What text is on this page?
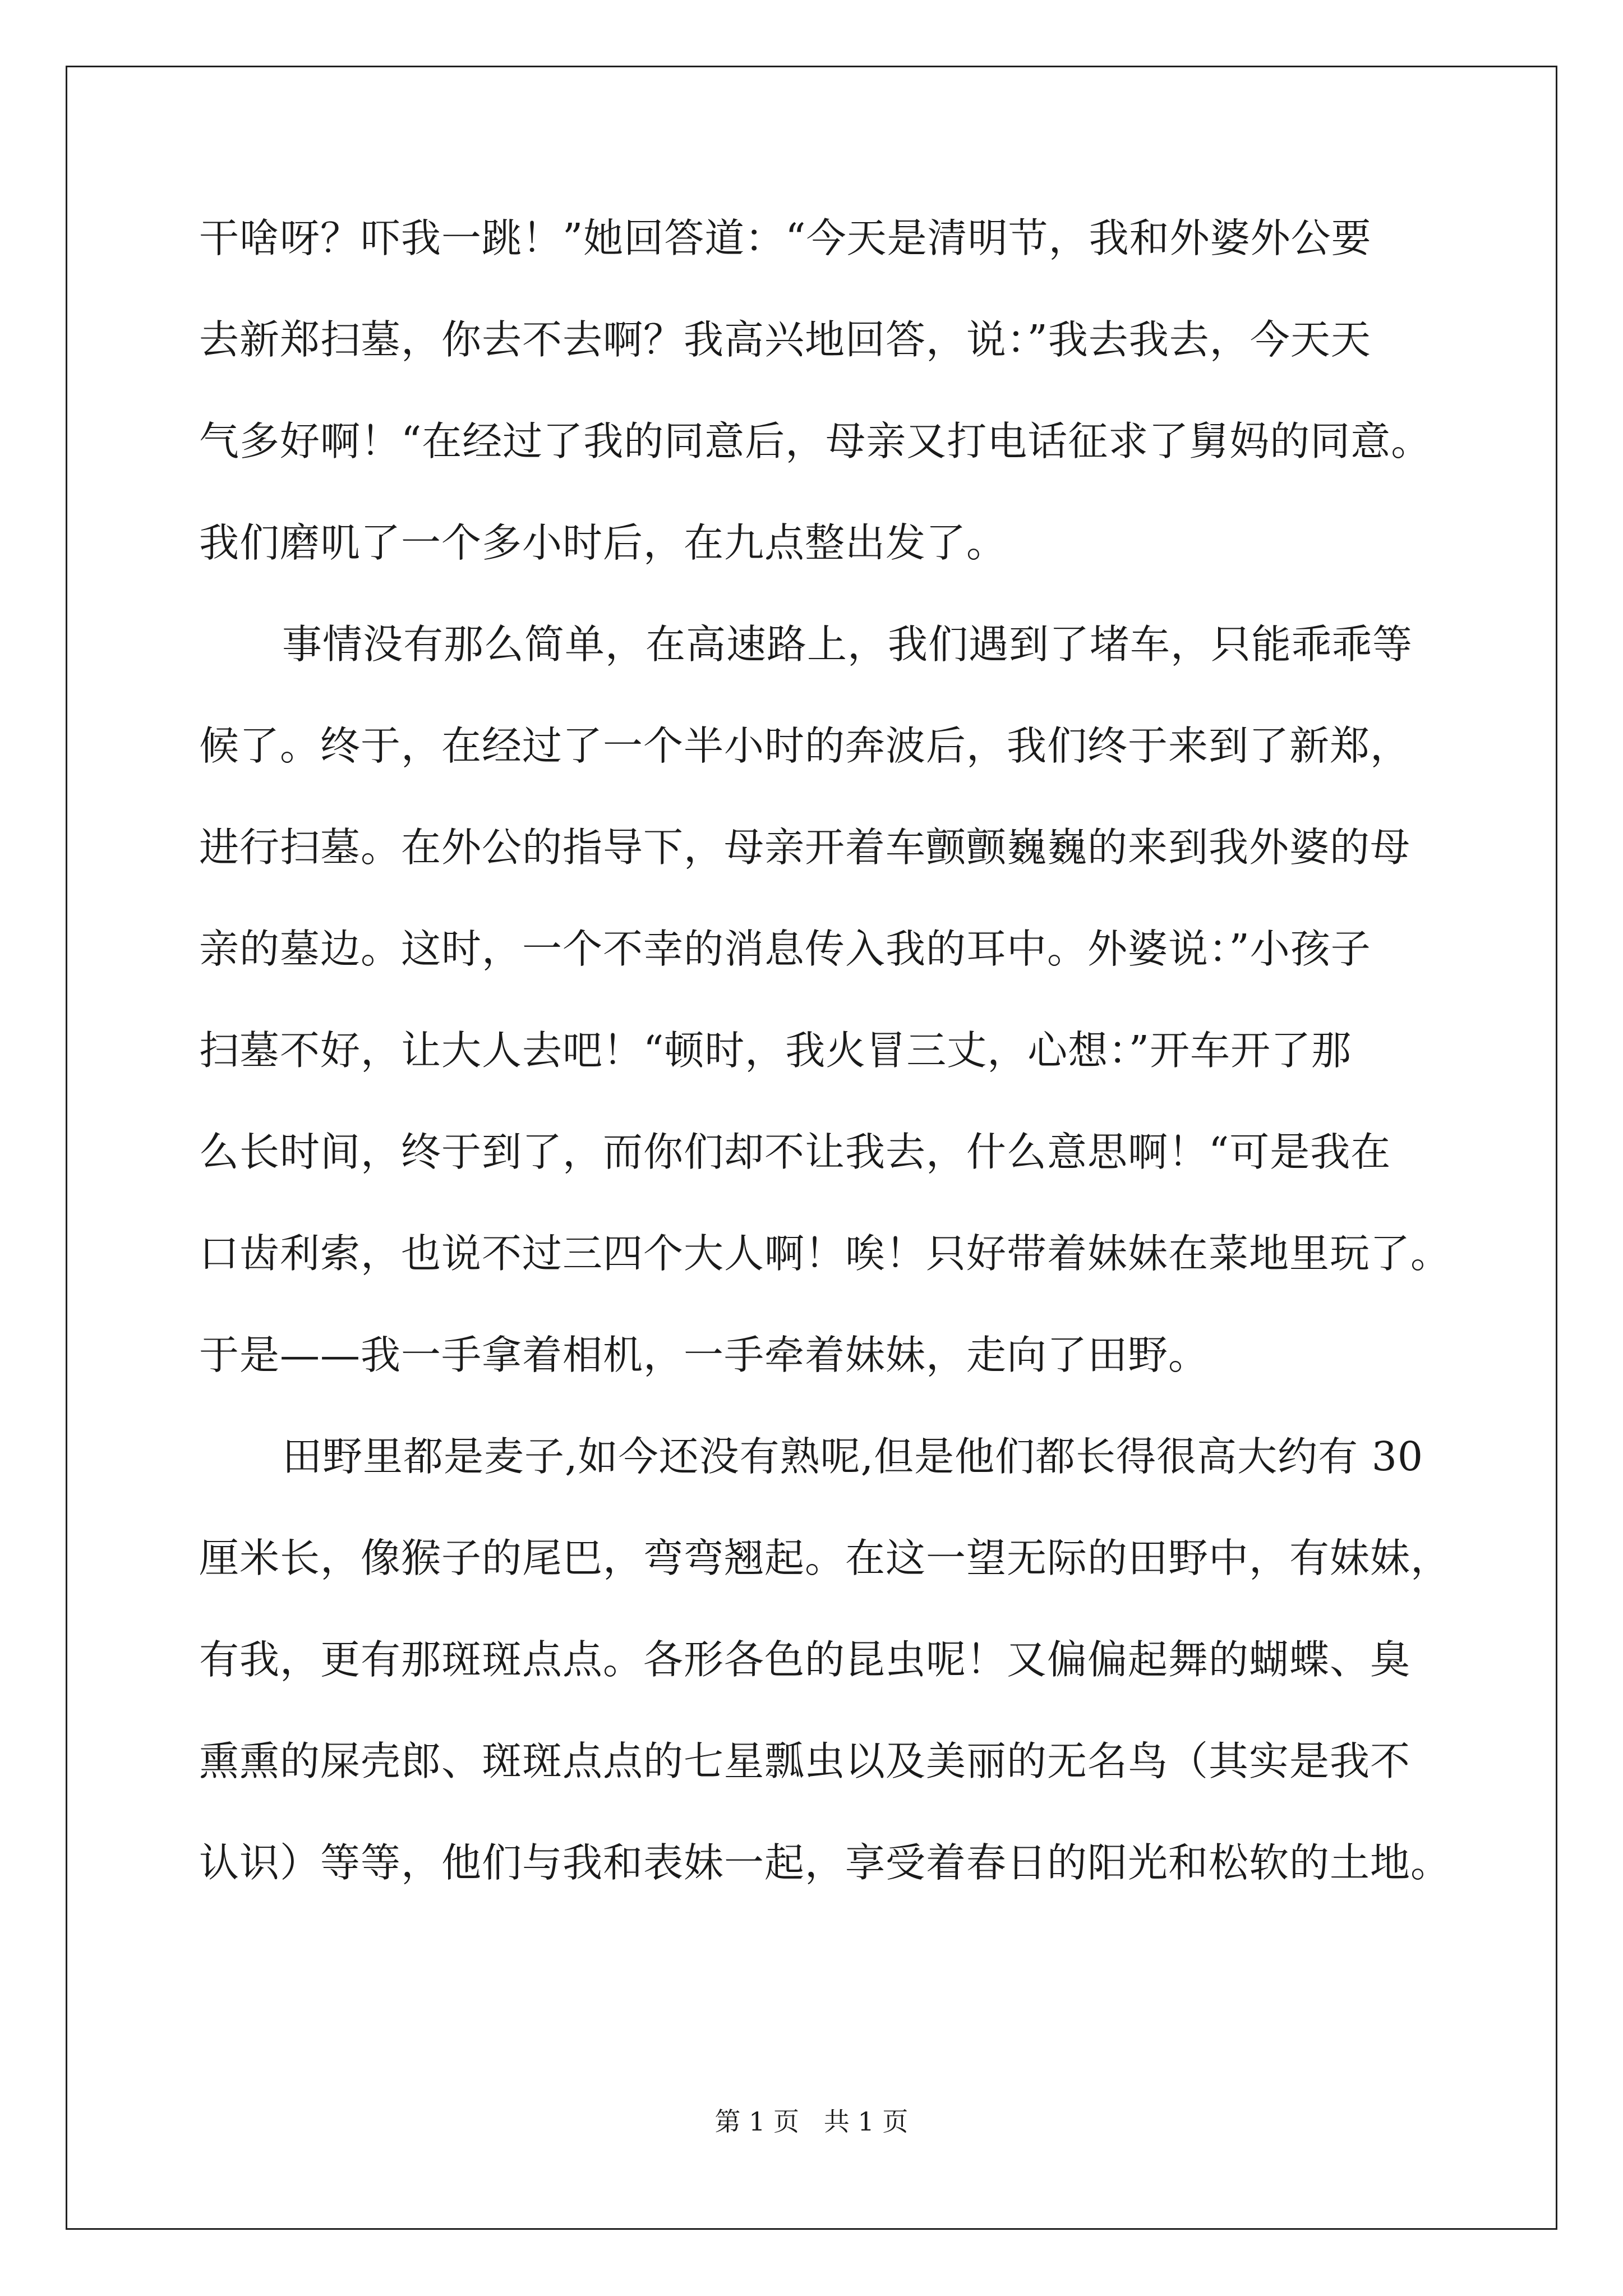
干啥呀？吓我一跳！”她回答道：“今天是清明节，我和外婆外公要
去新郑扫墓，你去不去啊？我高兴地回答，说：”我去我去，今天天
气多好啊！“在经过了我的同意后，母亲又打电话征求了舅妈的同意。
我们磨叽了一个多小时后，在九点整出发了。
事情没有那么简单，在高速路上，我们遇到了堵车，只能乖乖等
候了。终于，在经过了一个半小时的奔波后，我们终于来到了新郑，
进行扫墓。在外公的指导下，母亲开着车颤颤巍巍的来到我外婆的母
亲的墓边。这时，一个不幸的消息传入我的耳中。外婆说：”小孩子
扫墓不好，让大人去吧！“顿时，我火冒三丈，心想：”开车开了那
么长时间，终于到了，而你们却不让我去，什么意思啊！“可是我在
口齿利索，也说不过三四个大人啊！唉！只好带着妹妹在菜地里玩了。
于是——我一手拿着相机，一手牵着妹妹，走向了田野。
田野里都是麦子,如今还没有熟呢,但是他们都长得很高大约有 30
厘米长，像猴子的尾巴，弯弯翘起。在这一望无际的田野中，有妹妹，
有我，更有那斑斑点点。各形各色的昆虫呢！又偏偏起舞的蝴蝶、臭
熏熏的屎壳郎、斑斑点点的七星瓢虫以及美丽的无名鸟（其实是我不
认识）等等，他们与我和表妹一起，享受着春日的阳光和松软的土地。
第 1 页   共 1 页
